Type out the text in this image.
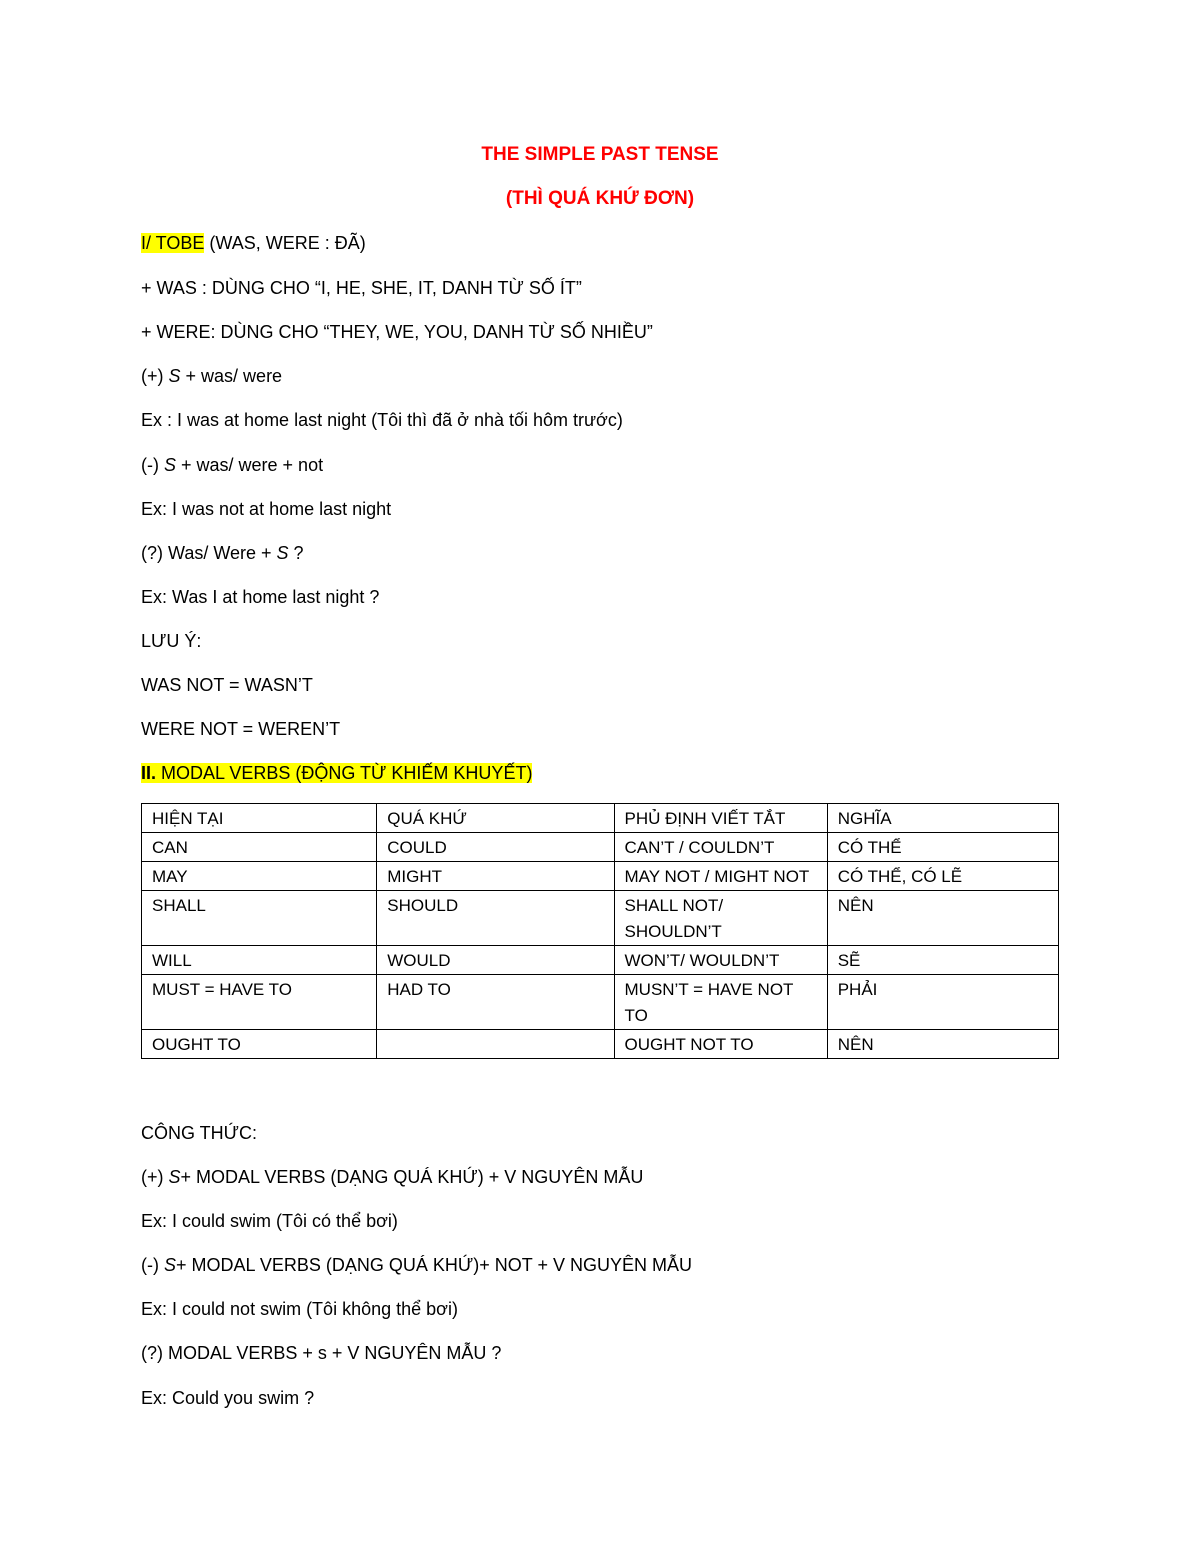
THE SIMPLE PAST TENSE
(THÌ QUÁ KHỨ ĐƠN)
I/ TOBE (WAS, WERE : ĐÃ)
+ WAS : DÙNG CHO “I, HE, SHE, IT, DANH TỪ SỐ ÍT”
+ WERE: DÙNG CHO “THEY, WE, YOU, DANH TỪ SỐ NHIỀU”
(+) S + was/ were
Ex : I was at home last night (Tôi thì đã ở nhà tối hôm trước)
(-) S + was/ were + not
Ex: I was not at home last night
(?) Was/ Were + S ?
Ex: Was I at home last night ?
LƯU Ý:
WAS NOT = WASN’T
WERE NOT = WEREN’T
II. MODAL VERBS (ĐỘNG TỪ KHIẾM KHUYẾT)
HIỆN TẠI	QUÁ KHỨ	PHỦ ĐỊNH VIẾT TẮT	NGHĨA
CAN	COULD	CAN’T / COULDN’T	CÓ THỂ
MAY	MIGHT	MAY NOT / MIGHT NOT	CÓ THỂ, CÓ LẼ
SHALL	SHOULD	SHALL NOT/ SHOULDN’T	NÊN
WILL	WOULD	WON’T/ WOULDN’T	SẼ
MUST = HAVE TO	HAD TO	MUSN’T = HAVE NOT TO	PHẢI
OUGHT TO		OUGHT NOT TO	NÊN
CÔNG THỨC:
(+) S+ MODAL VERBS (DẠNG QUÁ KHỨ) + V NGUYÊN MẪU
Ex: I could swim (Tôi có thể bơi)
(-) S+ MODAL VERBS (DẠNG QUÁ KHỨ)+ NOT + V NGUYÊN MẪU
Ex: I could not swim (Tôi không thể bơi)
(?) MODAL VERBS + s + V NGUYÊN MẪU ?
Ex: Could you swim ?
